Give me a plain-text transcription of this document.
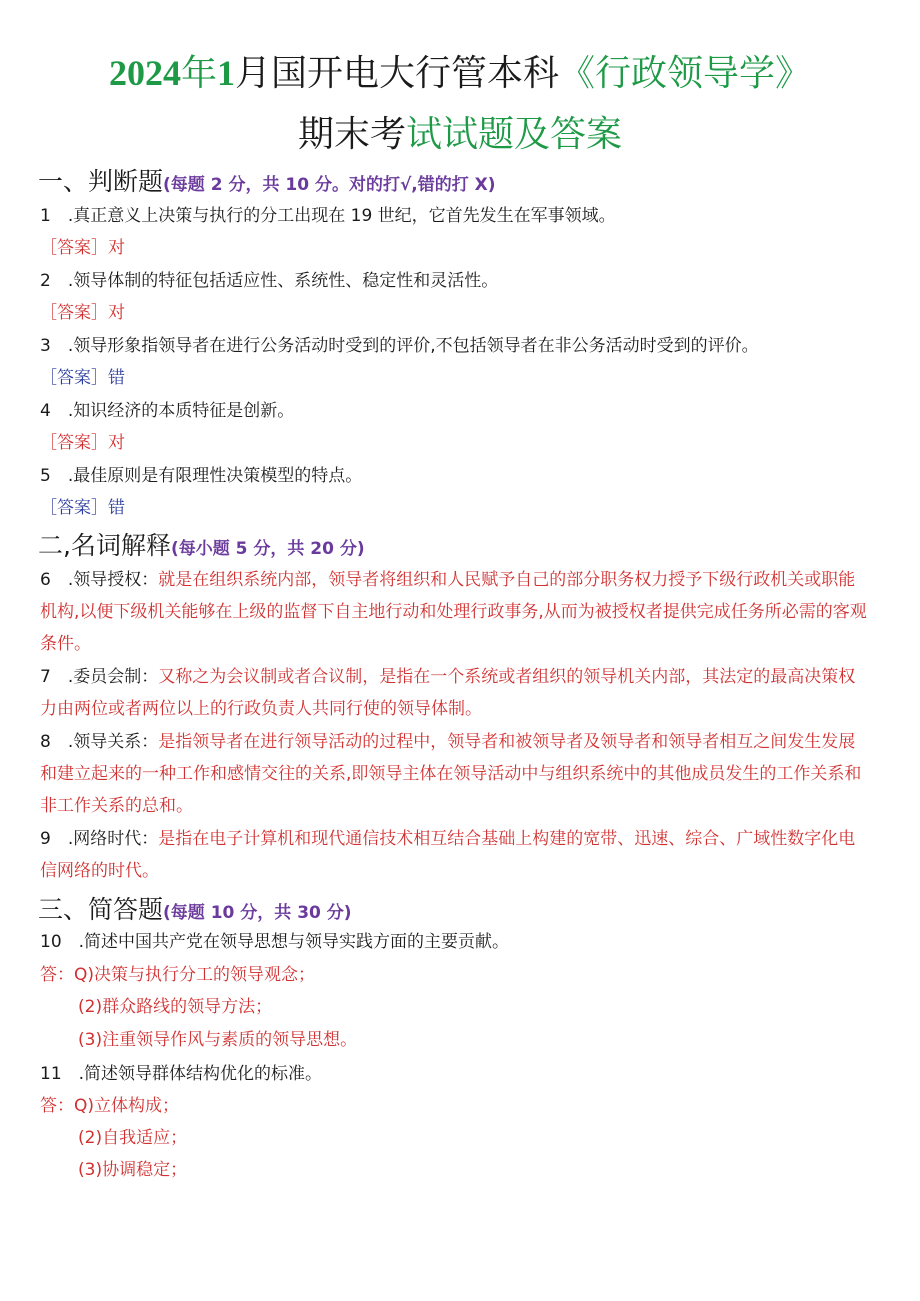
2024年1月国开电大行管本科《行政领导学》
期末考试试题及答案
一、判断题(每题 2 分，共 10 分。对的打√,错的打 X)
1　.真正意义上决策与执行的分工出现在 19 世纪，它首先发生在军事领域。
［答案］对
2　.领导体制的特征包括适应性、系统性、稳定性和灵活性。
［答案］对
3　.领导形象指领导者在进行公务活动时受到的评价,不包括领导者在非公务活动时受到的评价。
［答案］错
4　.知识经济的本质特征是创新。
［答案］对
5　.最佳原则是有限理性决策模型的特点。
［答案］错
二,名词解释(每小题 5 分，共 20 分)
6　.领导授权：就是在组织系统内部，领导者将组织和人民赋予自己的部分职务权力授予下级行政机关或职能机构,以便下级机关能够在上级的监督下自主地行动和处理行政事务,从而为被授权者提供完成任务所必需的客观条件。
7　.委员会制：又称之为会议制或者合议制，是指在一个系统或者组织的领导机关内部，其法定的最高决策权力由两位或者两位以上的行政负责人共同行使的领导体制。
8　.领导关系：是指领导者在进行领导活动的过程中，领导者和被领导者及领导者和领导者相互之间发生发展和建立起来的一种工作和感情交往的关系,即领导主体在领导活动中与组织系统中的其他成员发生的工作关系和非工作关系的总和。
9　.网络时代：是指在电子计算机和现代通信技术相互结合基础上构建的宽带、迅速、综合、广域性数字化电信网络的时代。
三、简答题(每题 10 分，共 30 分)
10　.简述中国共产党在领导思想与领导实践方面的主要贡献。
答：Q)决策与执行分工的领导观念；
(2)群众路线的领导方法；
(3)注重领导作风与素质的领导思想。
11　.简述领导群体结构优化的标准。
答：Q)立体构成；
(2)自我适应；
(3)协调稳定；
